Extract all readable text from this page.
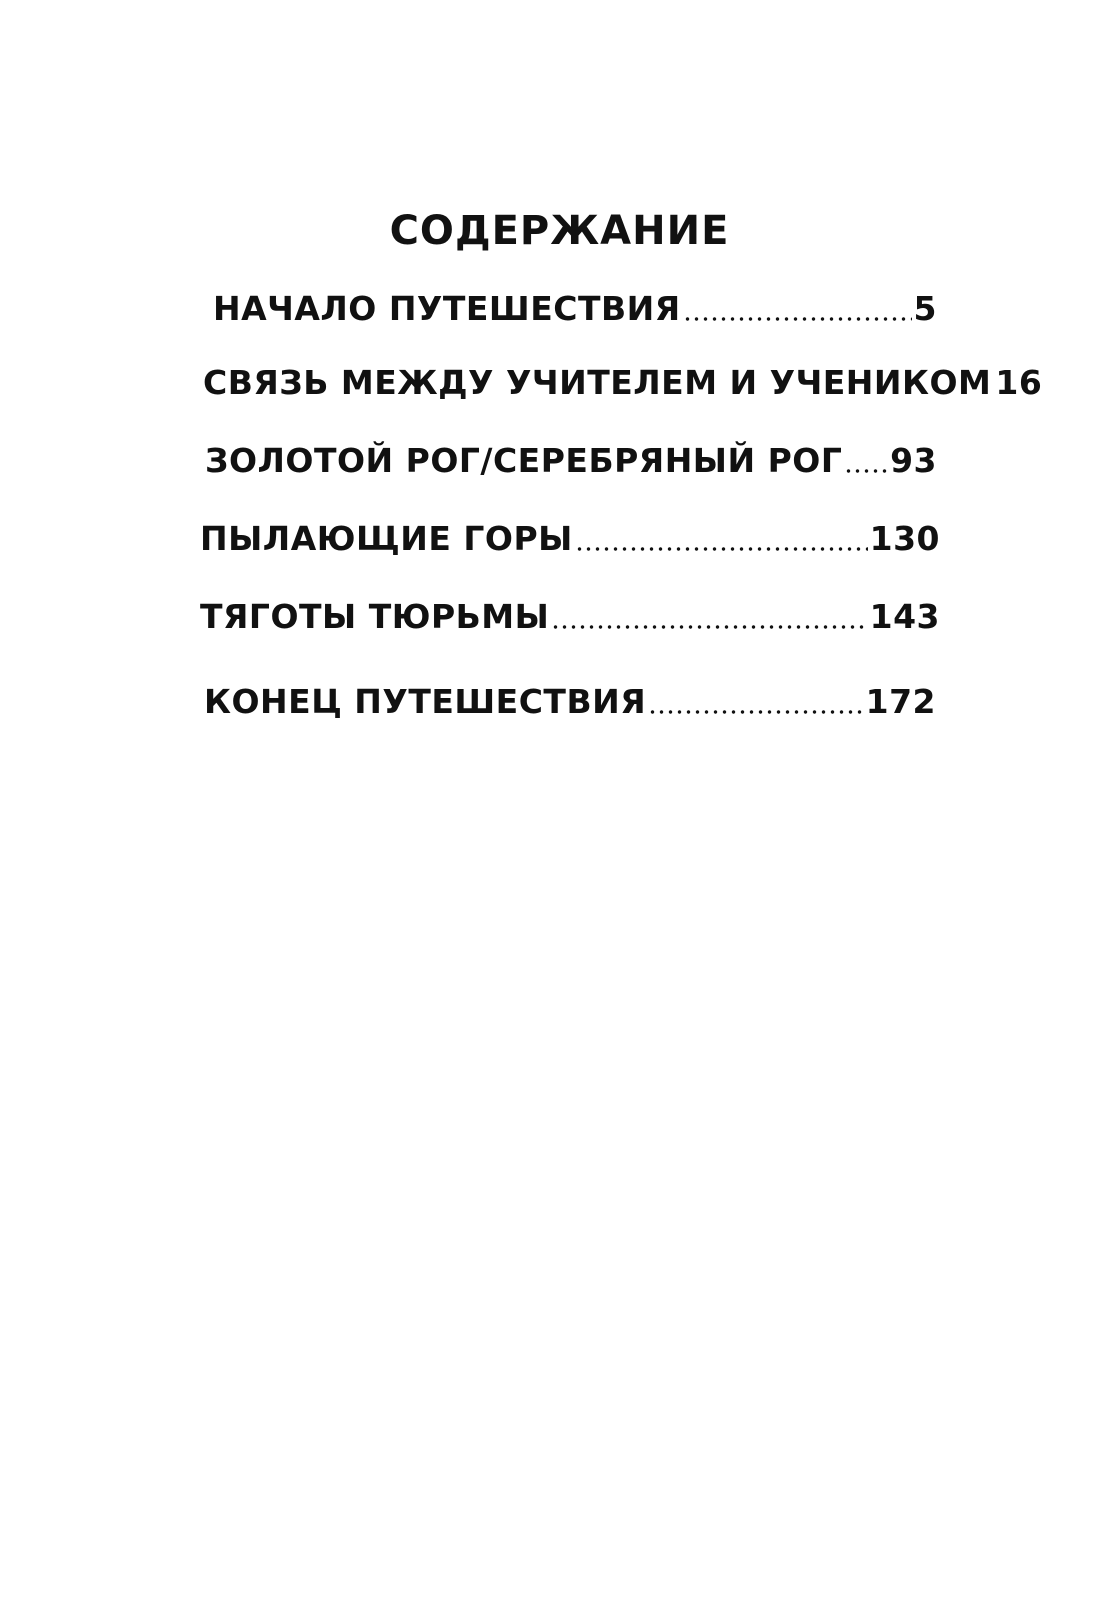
СОДЕРЖАНИЕ
НАЧАЛО ПУТЕШЕСТВИЯ	5
СВЯЗЬ МЕЖДУ УЧИТЕЛЕМ И УЧЕНИКОМ 16
ЗОЛОТОЙ РОГ/СЕРЕБРЯНЫЙ РОГ 93
ПЫЛАЮЩИЕ ГОРЫ	130
ТЯГОТЫ ТЮРЬМЫ	143
КОНЕЦ ПУТЕШЕСТВИЯ	172
